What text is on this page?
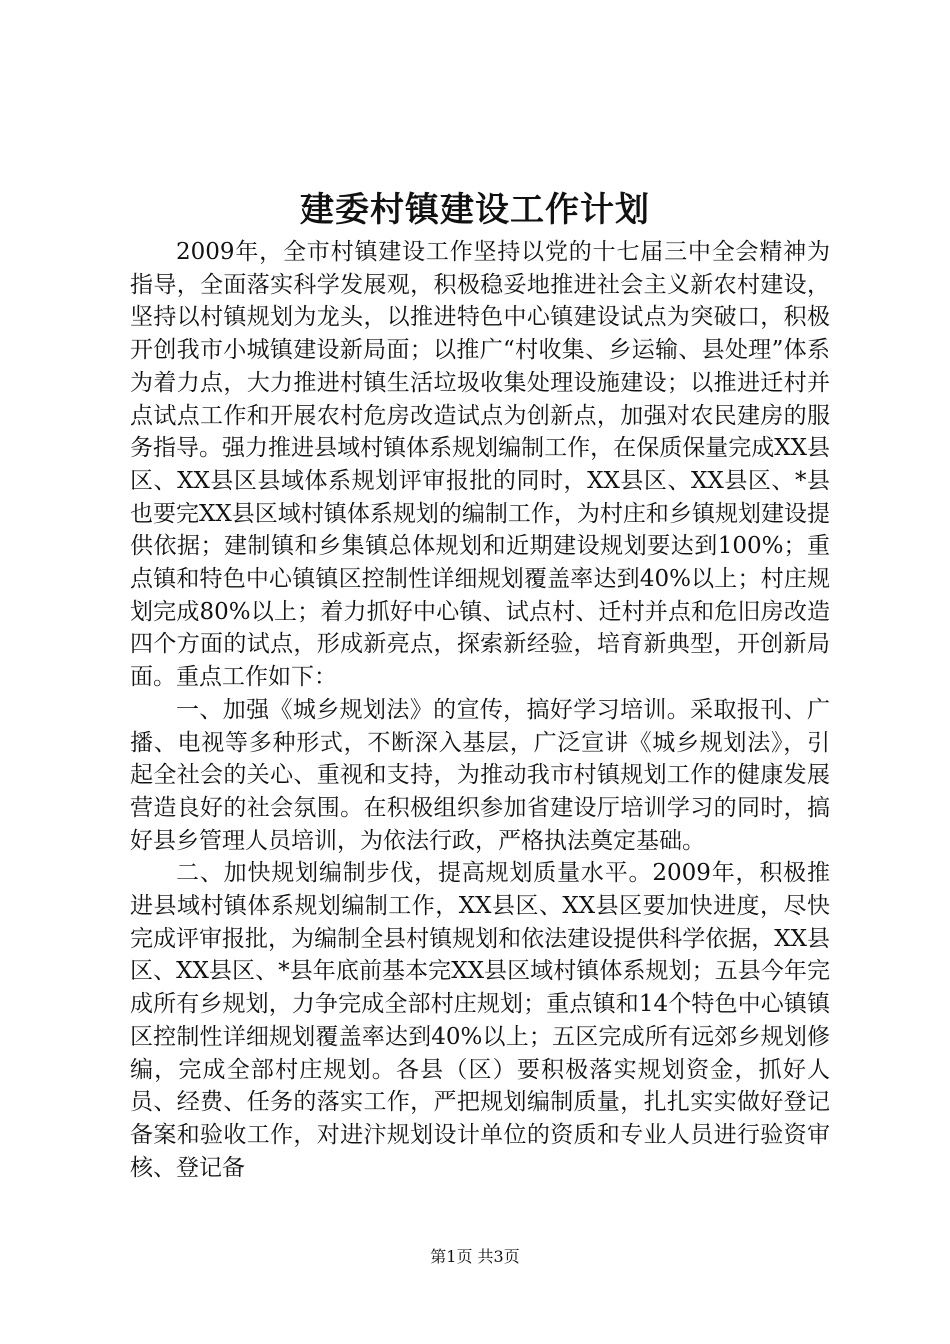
建委村镇建设工作计划

2009年，全市村镇建设工作坚持以党的十七届三中全会精神为指导，全面落实科学发展观，积极稳妥地推进社会主义新农村建设，坚持以村镇规划为龙头，以推进特色中心镇建设试点为突破口，积极开创我市小城镇建设新局面；以推广“村收集、乡运输、县处理”体系为着力点，大力推进村镇生活垃圾收集处理设施建设；以推进迁村并点试点工作和开展农村危房改造试点为创新点，加强对农民建房的服务指导。强力推进县域村镇体系规划编制工作，在保质保量完成XX县区、XX县区县域体系规划评审报批的同时，XX县区、XX县区、*县也要完XX县区域村镇体系规划的编制工作，为村庄和乡镇规划建设提供依据；建制镇和乡集镇总体规划和近期建设规划要达到100%；重点镇和特色中心镇镇区控制性详细规划覆盖率达到40%以上；村庄规划完成80%以上；着力抓好中心镇、试点村、迁村并点和危旧房改造四个方面的试点，形成新亮点，探索新经验，培育新典型，开创新局面。重点工作如下：

一、加强《城乡规划法》的宣传，搞好学习培训。采取报刊、广播、电视等多种形式，不断深入基层，广泛宣讲《城乡规划法》，引起全社会的关心、重视和支持，为推动我市村镇规划工作的健康发展营造良好的社会氛围。在积极组织参加省建设厅培训学习的同时，搞好县乡管理人员培训，为依法行政，严格执法奠定基础。

二、加快规划编制步伐，提高规划质量水平。2009年，积极推进县域村镇体系规划编制工作，XX县区、XX县区要加快进度，尽快完成评审报批，为编制全县村镇规划和依法建设提供科学依据，XX县区、XX县区、*县年底前基本完XX县区域村镇体系规划；五县今年完成所有乡规划，力争完成全部村庄规划；重点镇和14个特色中心镇镇区控制性详细规划覆盖率达到40%以上；五区完成所有远郊乡规划修编，完成全部村庄规划。各县（区）要积极落实规划资金，抓好人员、经费、任务的落实工作，严把规划编制质量，扎扎实实做好登记备案和验收工作，对进汴规划设计单位的资质和专业人员进行验资审核、登记备

第1页 共3页
